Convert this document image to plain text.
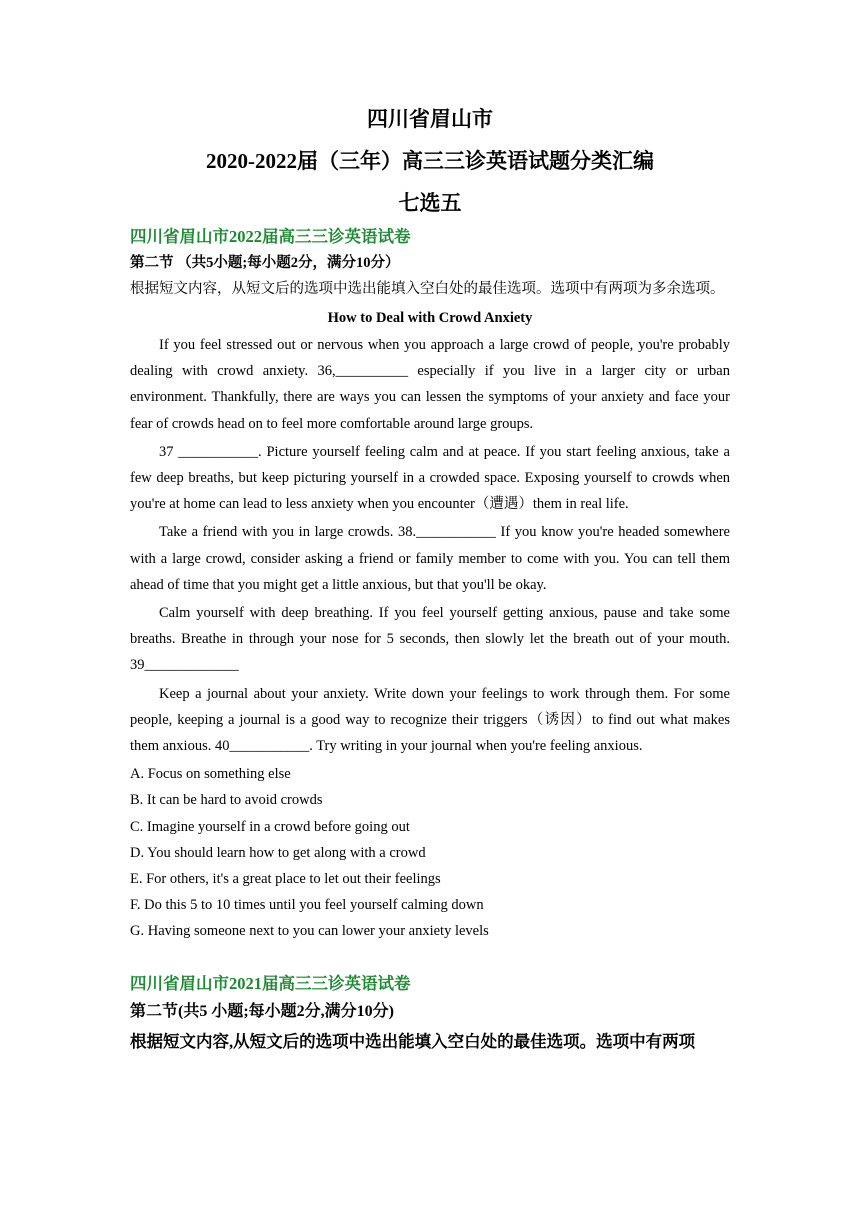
四川省眉山市

2020-2022届（三年）高三三诊英语试题分类汇编

七选五

四川省眉山市2022届高三三诊英语试卷

第二节 （共5小题;每小题2分，满分10分）

根据短文内容，从短文后的选项中选出能填入空白处的最佳选项。选项中有两项为多余选项。

How to Deal with Crowd Anxiety

If you feel stressed out or nervous when you approach a large crowd of people, you're probably dealing with crowd anxiety. 36,__________ especially if you live in a larger city or urban environment. Thankfully, there are ways you can lessen the symptoms of your anxiety and face your fear of crowds head on to feel more comfortable around large groups.

37 ___________. Picture yourself feeling calm and at peace. If you start feeling anxious, take a few deep breaths, but keep picturing yourself in a crowded space. Exposing yourself to crowds when you're at home can lead to less anxiety when you encounter（遭遇）them in real life.

Take a friend with you in large crowds. 38.___________ If you know you're headed somewhere with a large crowd, consider asking a friend or family member to come with you. You can tell them ahead of time that you might get a little anxious, but that you'll be okay.

Calm yourself with deep breathing. If you feel yourself getting anxious, pause and take some breaths. Breathe in through your nose for 5 seconds, then slowly let the breath out of your mouth. 39_____________

Keep a journal about your anxiety. Write down your feelings to work through them. For some people, keeping a journal is a good way to recognize their triggers（诱因）to find out what makes them anxious. 40___________. Try writing in your journal when you're feeling anxious.

A. Focus on something else

B. It can be hard to avoid crowds

C. Imagine yourself in a crowd before going out

D. You should learn how to get along with a crowd

E. For others, it's a great place to let out their feelings

F. Do this 5 to 10 times until you feel yourself calming down

G. Having someone next to you can lower your anxiety levels

四川省眉山市2021届高三三诊英语试卷

第二节(共5 小题;每小题2分,满分10分)

根据短文内容,从短文后的选项中选出能填入空白处的最佳选项。选项中有两项
